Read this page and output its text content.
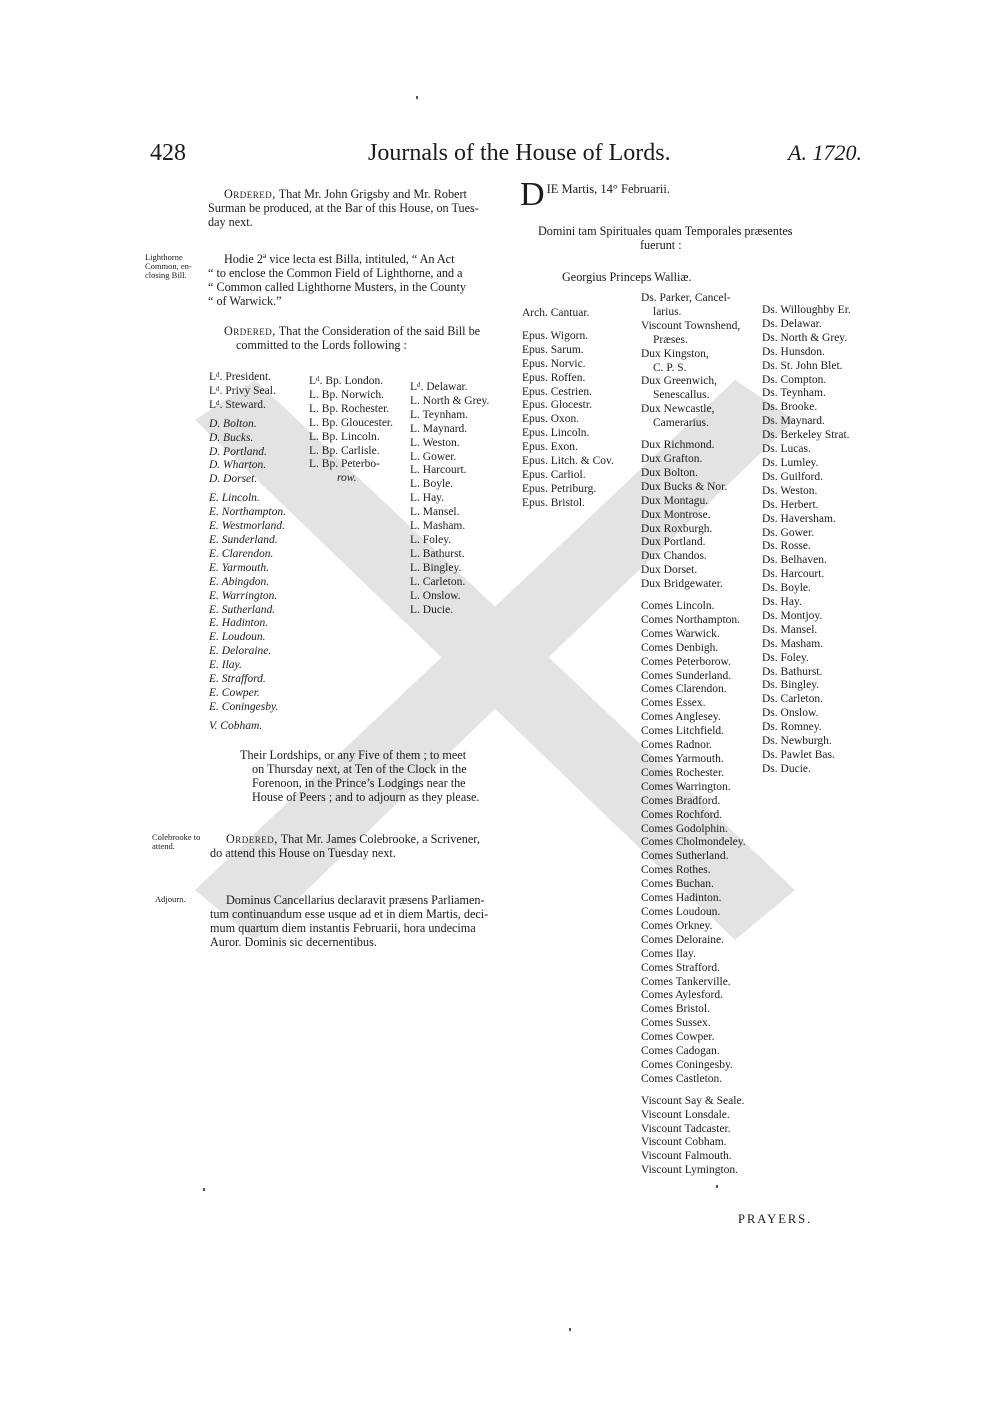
428	Journals of the House of Lords.	A. 1720.
Ordered, That Mr. John Grigsby and Mr. Robert
Surman be produced, at the Bar of this House, on Tues-
day next.
Lighthorne
Common, en-
closing Bill.
Hodie 2ª vice lecta est Billa, intituled, “ An Act
“ to enclose the Common Field of Lighthorne, and a
“ Common called Lighthorne Musters, in the County
“ of Warwick.”
Ordered, That the Consideration of the said Bill be
committed to the Lords following :
Lᵈ. President.
Lᵈ. Privy Seal.
Lᵈ. Steward.
D. Bolton.
D. Bucks.
D. Portland.
D. Wharton.
D. Dorset.
E. Lincoln.
E. Northampton.
E. Westmorland.
E. Sunderland.
E. Clarendon.
E. Yarmouth.
E. Abingdon.
E. Warrington.
E. Sutherland.
E. Hadinton.
E. Loudoun.
E. Deloraine.
E. Ilay.
E. Strafford.
E. Cowper.
E. Coningesby.
V. Cobham.
Lᵈ. Bp. London.
L. Bp. Norwich.
L. Bp. Rochester.
L. Bp. Gloucester.
L. Bp. Lincoln.
L. Bp. Carlisle.
L. Bp. Peterbo-
row.
Lᵈ. Delawar.
L. North & Grey.
L. Teynham.
L. Maynard.
L. Weston.
L. Gower.
L. Harcourt.
L. Boyle.
L. Hay.
L. Mansel.
L. Masham.
L. Foley.
L. Bathurst.
L. Bingley.
L. Carleton.
L. Onslow.
L. Ducie.
Their Lordships, or any Five of them ; to meet
on Thursday next, at Ten of the Clock in the
Forenoon, in the Prince’s Lodgings near the
House of Peers ; and to adjourn as they please.
Colebrooke to
attend.	Ordered, That Mr. James Colebrooke, a Scrivener,
do attend this House on Tuesday next.
Adjourn.	Dominus Cancellarius declaravit præsens Parliamen-
tum continuandum esse usque ad et in diem Martis, deci-
mum quartum diem instantis Februarii, hora undecima
Auror. Dominis sic decernentibus.
D IE Martis, 14° Februarii.
Domini tam Spirituales quam Temporales præsentes
fuerunt :
Georgius Princeps Walliæ.
Arch. Cantuar.
Epus. Wigorn.
Epus. Sarum.
Epus. Norvic.
Epus. Roffen.
Epus. Cestrien.
Epus. Glocestr.
Epus. Oxon.
Epus. Lincoln.
Epus. Exon.
Epus. Litch. & Cov.
Epus. Carliol.
Epus. Petriburg.
Epus. Bristol.
Ds. Parker, Cancel-
larius.
Viscount Townshend,
Præses.
Dux Kingston,
C. P. S.
Dux Greenwich,
Senescallus.
Dux Newcastle,
Camerarius.
Dux Richmond.
Dux Grafton.
Dux Bolton.
Dux Bucks & Nor.
Dux Montagu.
Dux Montrose.
Dux Roxburgh.
Dux Portland.
Dux Chandos.
Dux Dorset.
Dux Bridgewater.
Comes Lincoln.
Comes Northampton.
Comes Warwick.
Comes Denbigh.
Comes Peterborow.
Comes Sunderland.
Comes Clarendon.
Comes Essex.
Comes Anglesey.
Comes Litchfield.
Comes Radnor.
Comes Yarmouth.
Comes Rochester.
Comes Warrington.
Comes Bradford.
Comes Rochford.
Comes Godolphin.
Comes Cholmondeley.
Comes Sutherland.
Comes Rothes.
Comes Buchan.
Comes Hadinton.
Comes Loudoun.
Comes Orkney.
Comes Deloraine.
Comes Ilay.
Comes Strafford.
Comes Tankerville.
Comes Aylesford.
Comes Bristol.
Comes Sussex.
Comes Cowper.
Comes Cadogan.
Comes Coningesby.
Comes Castleton.
Viscount Say & Seale.
Viscount Lonsdale.
Viscount Tadcaster.
Viscount Cobham.
Viscount Falmouth.
Viscount Lymington.
Ds. Willoughby Er.
Ds. Delawar.
Ds. North & Grey.
Ds. Hunsdon.
Ds. St. John Blet.
Ds. Compton.
Ds. Teynham.
Ds. Brooke.
Ds. Maynard.
Ds. Berkeley Strat.
Ds. Lucas.
Ds. Lumley.
Ds. Guilford.
Ds. Weston.
Ds. Herbert.
Ds. Haversham.
Ds. Gower.
Ds. Rosse.
Ds. Belhaven.
Ds. Harcourt.
Ds. Boyle.
Ds. Hay.
Ds. Montjoy.
Ds. Mansel.
Ds. Masham.
Ds. Foley.
Ds. Bathurst.
Ds. Bingley.
Ds. Carleton.
Ds. Onslow.
Ds. Romney.
Ds. Newburgh.
Ds. Pawlet Bas.
Ds. Ducie.
PRAYERS.
